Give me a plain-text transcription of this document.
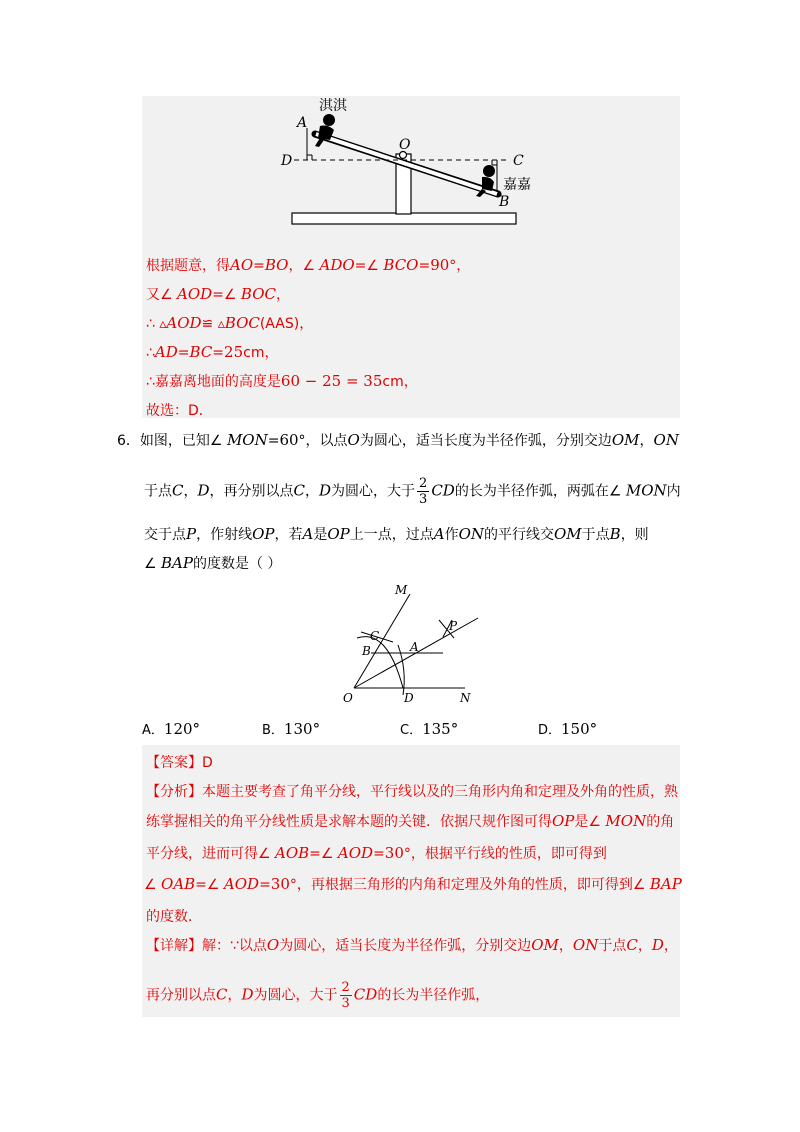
淇淇
A
D
O
C
嘉嘉
B
根据题意，得AO=BO，∠ ADO=∠ BCO=90°，
又∠ AOD=∠ BOC，
∴ ▵AOD≌ ▵BOC(AAS)，
∴AD=BC=25cm，
∴嘉嘉离地面的高度是60 − 25 = 35cm，
故选：D．
6．如图，已知∠ MON=60°，以点O为圆心，适当长度为半径作弧，分别交边OM，ON
于点C，D，再分别以点C，D为圆心，大于 $\frac{2}{3}$ CD的长为半径作弧，两弧在∠ MON内
交于点P，作射线OP，若A是OP上一点，过点A作ON的平行线交OM于点B，则
∠ BAP的度数是（ ）
M
C
B	A
P
O	D	N
A．120°	B．130°	C．135°	D．150°
【答案】D
【分析】本题主要考查了角平分线，平行线以及的三角形内角和定理及外角的性质，熟
练掌握相关的角平分线性质是求解本题的关键．依据尺规作图可得OP是∠ MON的角
平分线，进而可得∠ AOB=∠ AOD=30°，根据平行线的性质，即可得到
∠ OAB=∠ AOD=30°，再根据三角形的内角和定理及外角的性质，即可得到∠ BAP
的度数．
【详解】解：∵以点O为圆心，适当长度为半径作弧，分别交边OM，ON于点C，D，
再分别以点C，D为圆心，大于 $\frac{2}{3}$ CD的长为半径作弧，
